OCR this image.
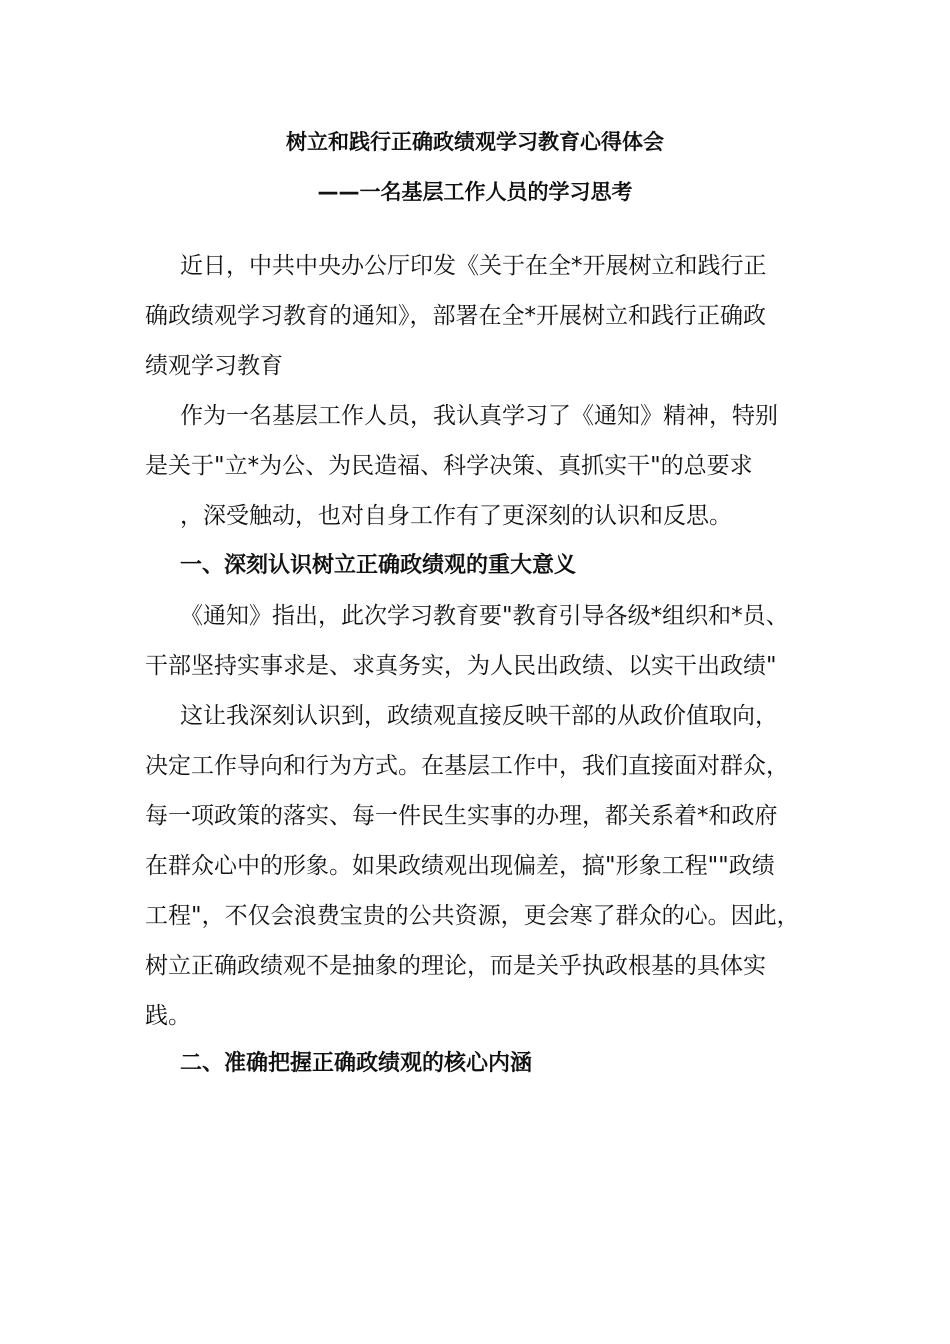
树立和践行正确政绩观学习教育心得体会
——一名基层工作人员的学习思考

近日，中共中央办公厅印发《关于在全*开展树立和践行正

确政绩观学习教育的通知》，部署在全*开展树立和践行正确政

绩观学习教育

作为一名基层工作人员，我认真学习了《通知》精神，特别

是关于"立*为公、为民造福、科学决策、真抓实干"的总要求

，深受触动，也对自身工作有了更深刻的认识和反思。

一、深刻认识树立正确政绩观的重大意义

《通知》指出，此次学习教育要"教育引导各级*组织和*员、

干部坚持实事求是、求真务实，为人民出政绩、以实干出政绩"

这让我深刻认识到，政绩观直接反映干部的从政价值取向，

决定工作导向和行为方式。在基层工作中，我们直接面对群众，

每一项政策的落实、每一件民生实事的办理，都关系着*和政府

在群众心中的形象。如果政绩观出现偏差，搞"形象工程""政绩

工程"，不仅会浪费宝贵的公共资源，更会寒了群众的心。因此，

树立正确政绩观不是抽象的理论，而是关乎执政根基的具体实

践。

二、准确把握正确政绩观的核心内涵
